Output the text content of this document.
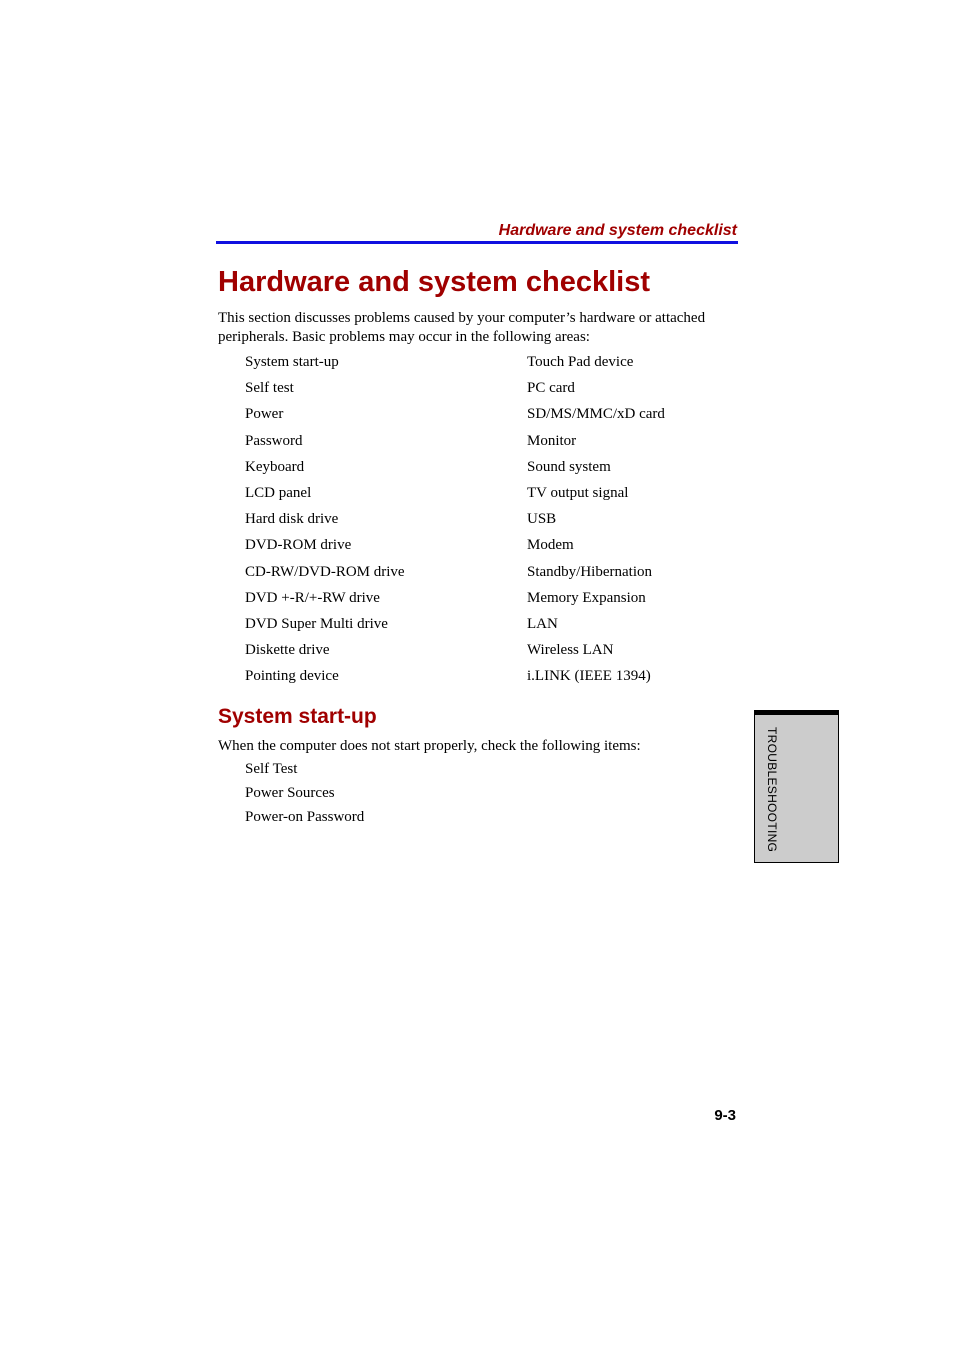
Hardware and system checklist
Hardware and system checklist

This section discusses problems caused by your computer’s hardware or attached peripherals. Basic problems may occur in the following areas:

System start-up	Touch Pad device
Self test	PC card
Power	SD/MS/MMC/xD card
Password	Monitor
Keyboard	Sound system
LCD panel	TV output signal
Hard disk drive	USB
DVD-ROM drive	Modem
CD-RW/DVD-ROM drive	Standby/Hibernation
DVD +-R/+-RW drive	Memory Expansion
DVD Super Multi drive	LAN
Diskette drive	Wireless LAN
Pointing device	i.LINK (IEEE 1394)
System start-up

When the computer does not start properly, check the following items:

Self Test
Power Sources
Power-on Password	TROUBLESHOOTING
9-3
